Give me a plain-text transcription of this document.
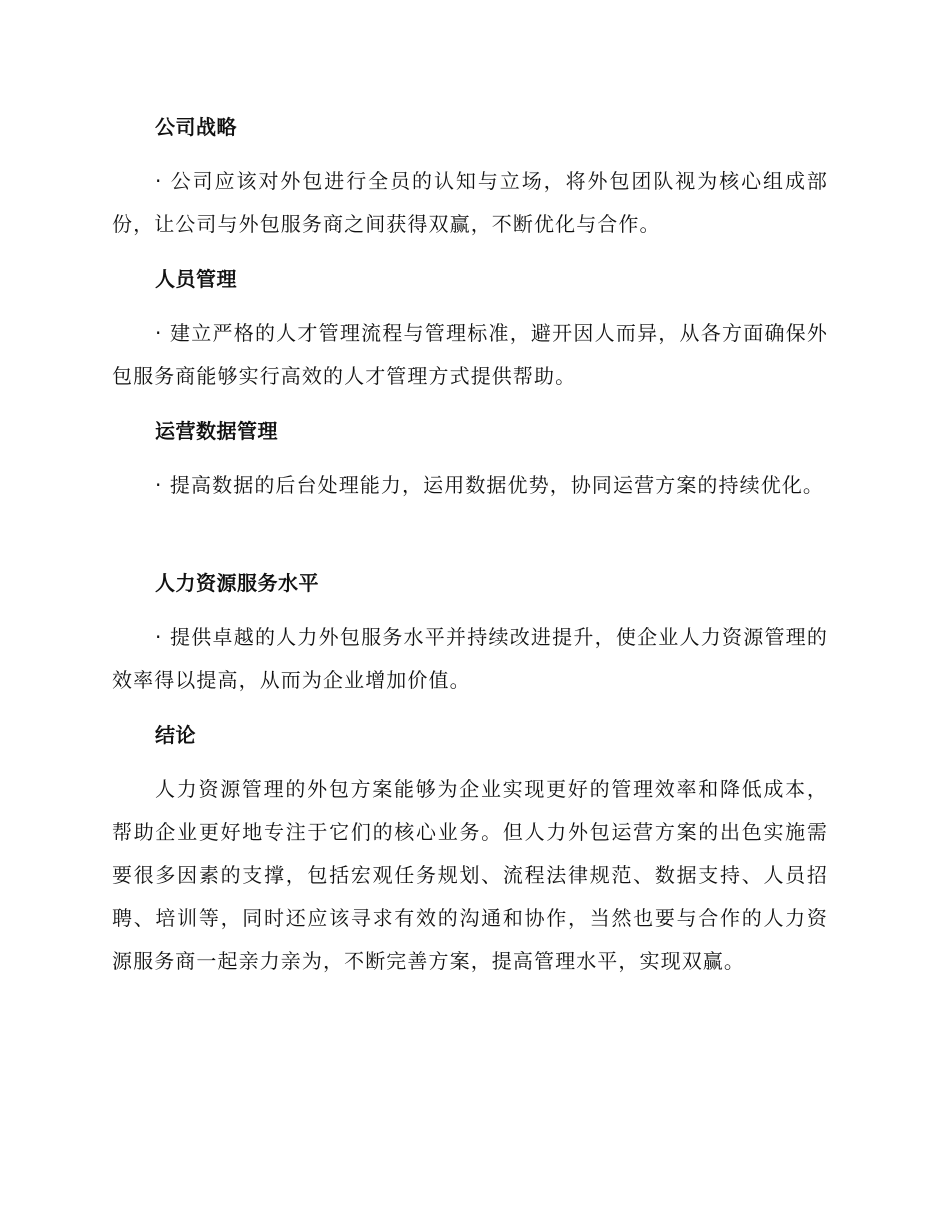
公司战略
· 公司应该对外包进行全员的认知与立场，将外包团队视为核心组成部份，让公司与外包服务商之间获得双赢，不断优化与合作。
人员管理
· 建立严格的人才管理流程与管理标准，避开因人而异，从各方面确保外包服务商能够实行高效的人才管理方式提供帮助。
运营数据管理
· 提高数据的后台处理能力，运用数据优势，协同运营方案的持续优化。
人力资源服务水平
· 提供卓越的人力外包服务水平并持续改进提升，使企业人力资源管理的效率得以提高，从而为企业增加价值。
结论
人力资源管理的外包方案能够为企业实现更好的管理效率和降低成本，帮助企业更好地专注于它们的核心业务。但人力外包运营方案的出色实施需要很多因素的支撑，包括宏观任务规划、流程法律规范、数据支持、人员招聘、培训等，同时还应该寻求有效的沟通和协作，当然也要与合作的人力资源服务商一起亲力亲为，不断完善方案，提高管理水平，实现双赢。
